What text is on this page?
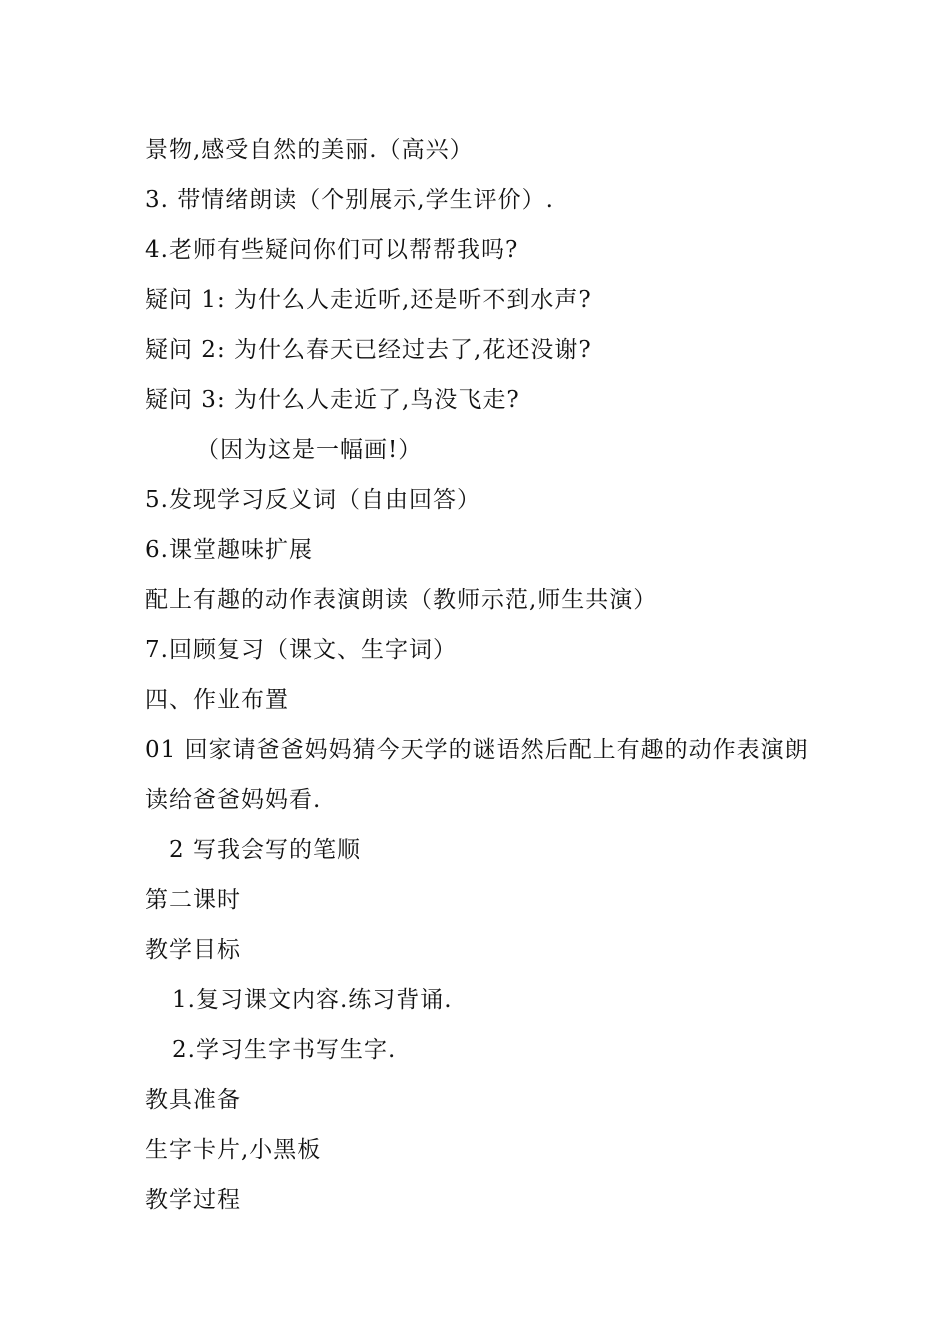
景物,感受自然的美丽.（高兴）
3. 带情绪朗读（个别展示,学生评价）.
4.老师有些疑问你们可以帮帮我吗?
疑问 1: 为什么人走近听,还是听不到水声?
疑问 2: 为什么春天已经过去了,花还没谢?
疑问 3: 为什么人走近了,鸟没飞走?
（因为这是一幅画!）
5.发现学习反义词（自由回答）
6.课堂趣味扩展
配上有趣的动作表演朗读（教师示范,师生共演）
7.回顾复习（课文、生字词）
四、作业布置
01 回家请爸爸妈妈猜今天学的谜语然后配上有趣的动作表演朗
读给爸爸妈妈看.
2 写我会写的笔顺
第二课时
教学目标
1.复习课文内容.练习背诵.
2.学习生字书写生字.
教具准备
生字卡片,小黑板
教学过程
